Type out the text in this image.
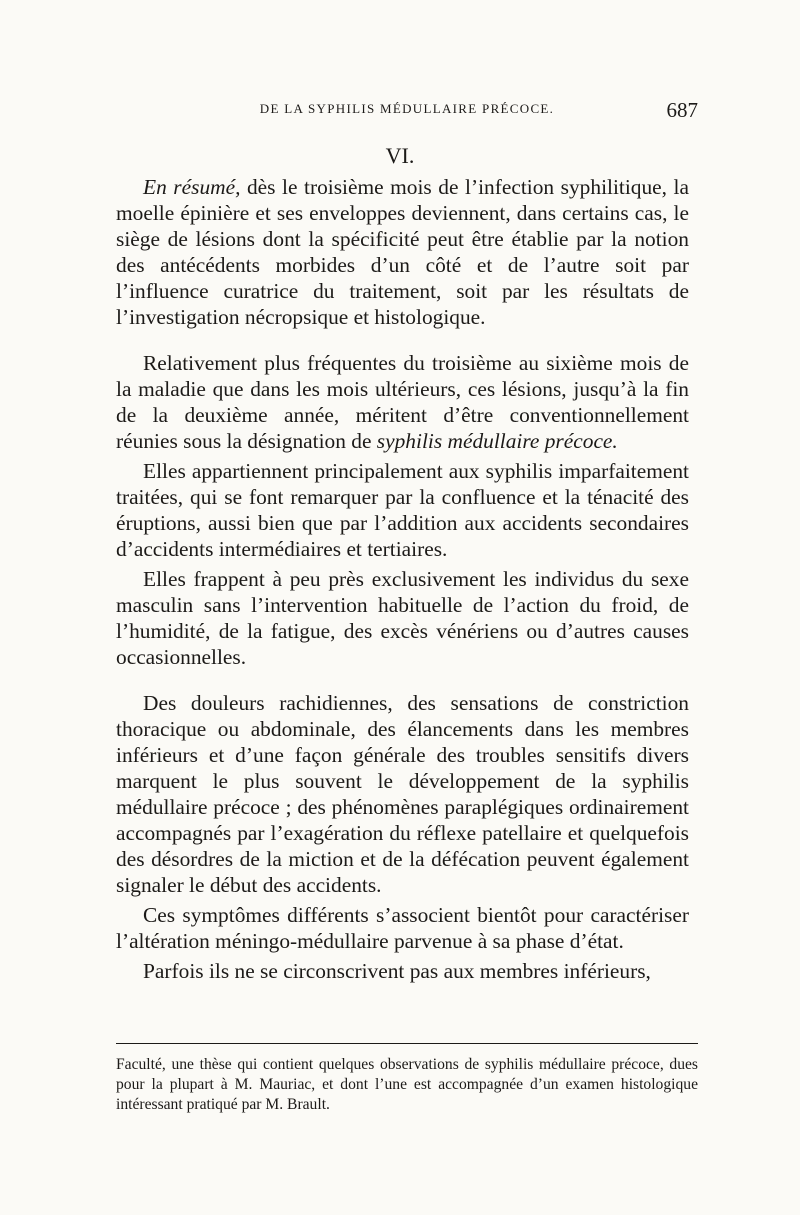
DE LA SYPHILIS MÉDULLAIRE PRÉCOCE.	687
VI.

En résumé, dès le troisième mois de l’infection syphilitique, la moelle épinière et ses enveloppes deviennent, dans certains cas, le siège de lésions dont la spécificité peut être établie par la notion des antécédents morbides d’un côté et de l’autre soit par l’influence curatrice du traitement, soit par les résultats de l’investigation nécropsique et histologique.

Relativement plus fréquentes du troisième au sixième mois de la maladie que dans les mois ultérieurs, ces lésions, jusqu’à la fin de la deuxième année, méritent d’être conventionnellement réunies sous la désignation de syphilis médullaire précoce.

Elles appartiennent principalement aux syphilis imparfaitement traitées, qui se font remarquer par la confluence et la ténacité des éruptions, aussi bien que par l’addition aux accidents secondaires d’accidents intermédiaires et tertiaires.

Elles frappent à peu près exclusivement les individus du sexe masculin sans l’intervention habituelle de l’action du froid, de l’humidité, de la fatigue, des excès vénériens ou d’autres causes occasionnelles.

Des douleurs rachidiennes, des sensations de constriction thoracique ou abdominale, des élancements dans les membres inférieurs et d’une façon générale des troubles sensitifs divers marquent le plus souvent le développement de la syphilis médullaire précoce ; des phénomènes paraplégiques ordinairement accompagnés par l’exagération du réflexe patellaire et quelquefois des désordres de la miction et de la défécation peuvent également signaler le début des accidents.

Ces symptômes différents s’associent bientôt pour caractériser l’altération méningo-médullaire parvenue à sa phase d’état.

Parfois ils ne se circonscrivent pas aux membres inférieurs,

Faculté, une thèse qui contient quelques observations de syphilis médullaire précoce, dues pour la plupart à M. Mauriac, et dont l’une est accompagnée d’un examen histologique intéressant pratiqué par M. Brault.
